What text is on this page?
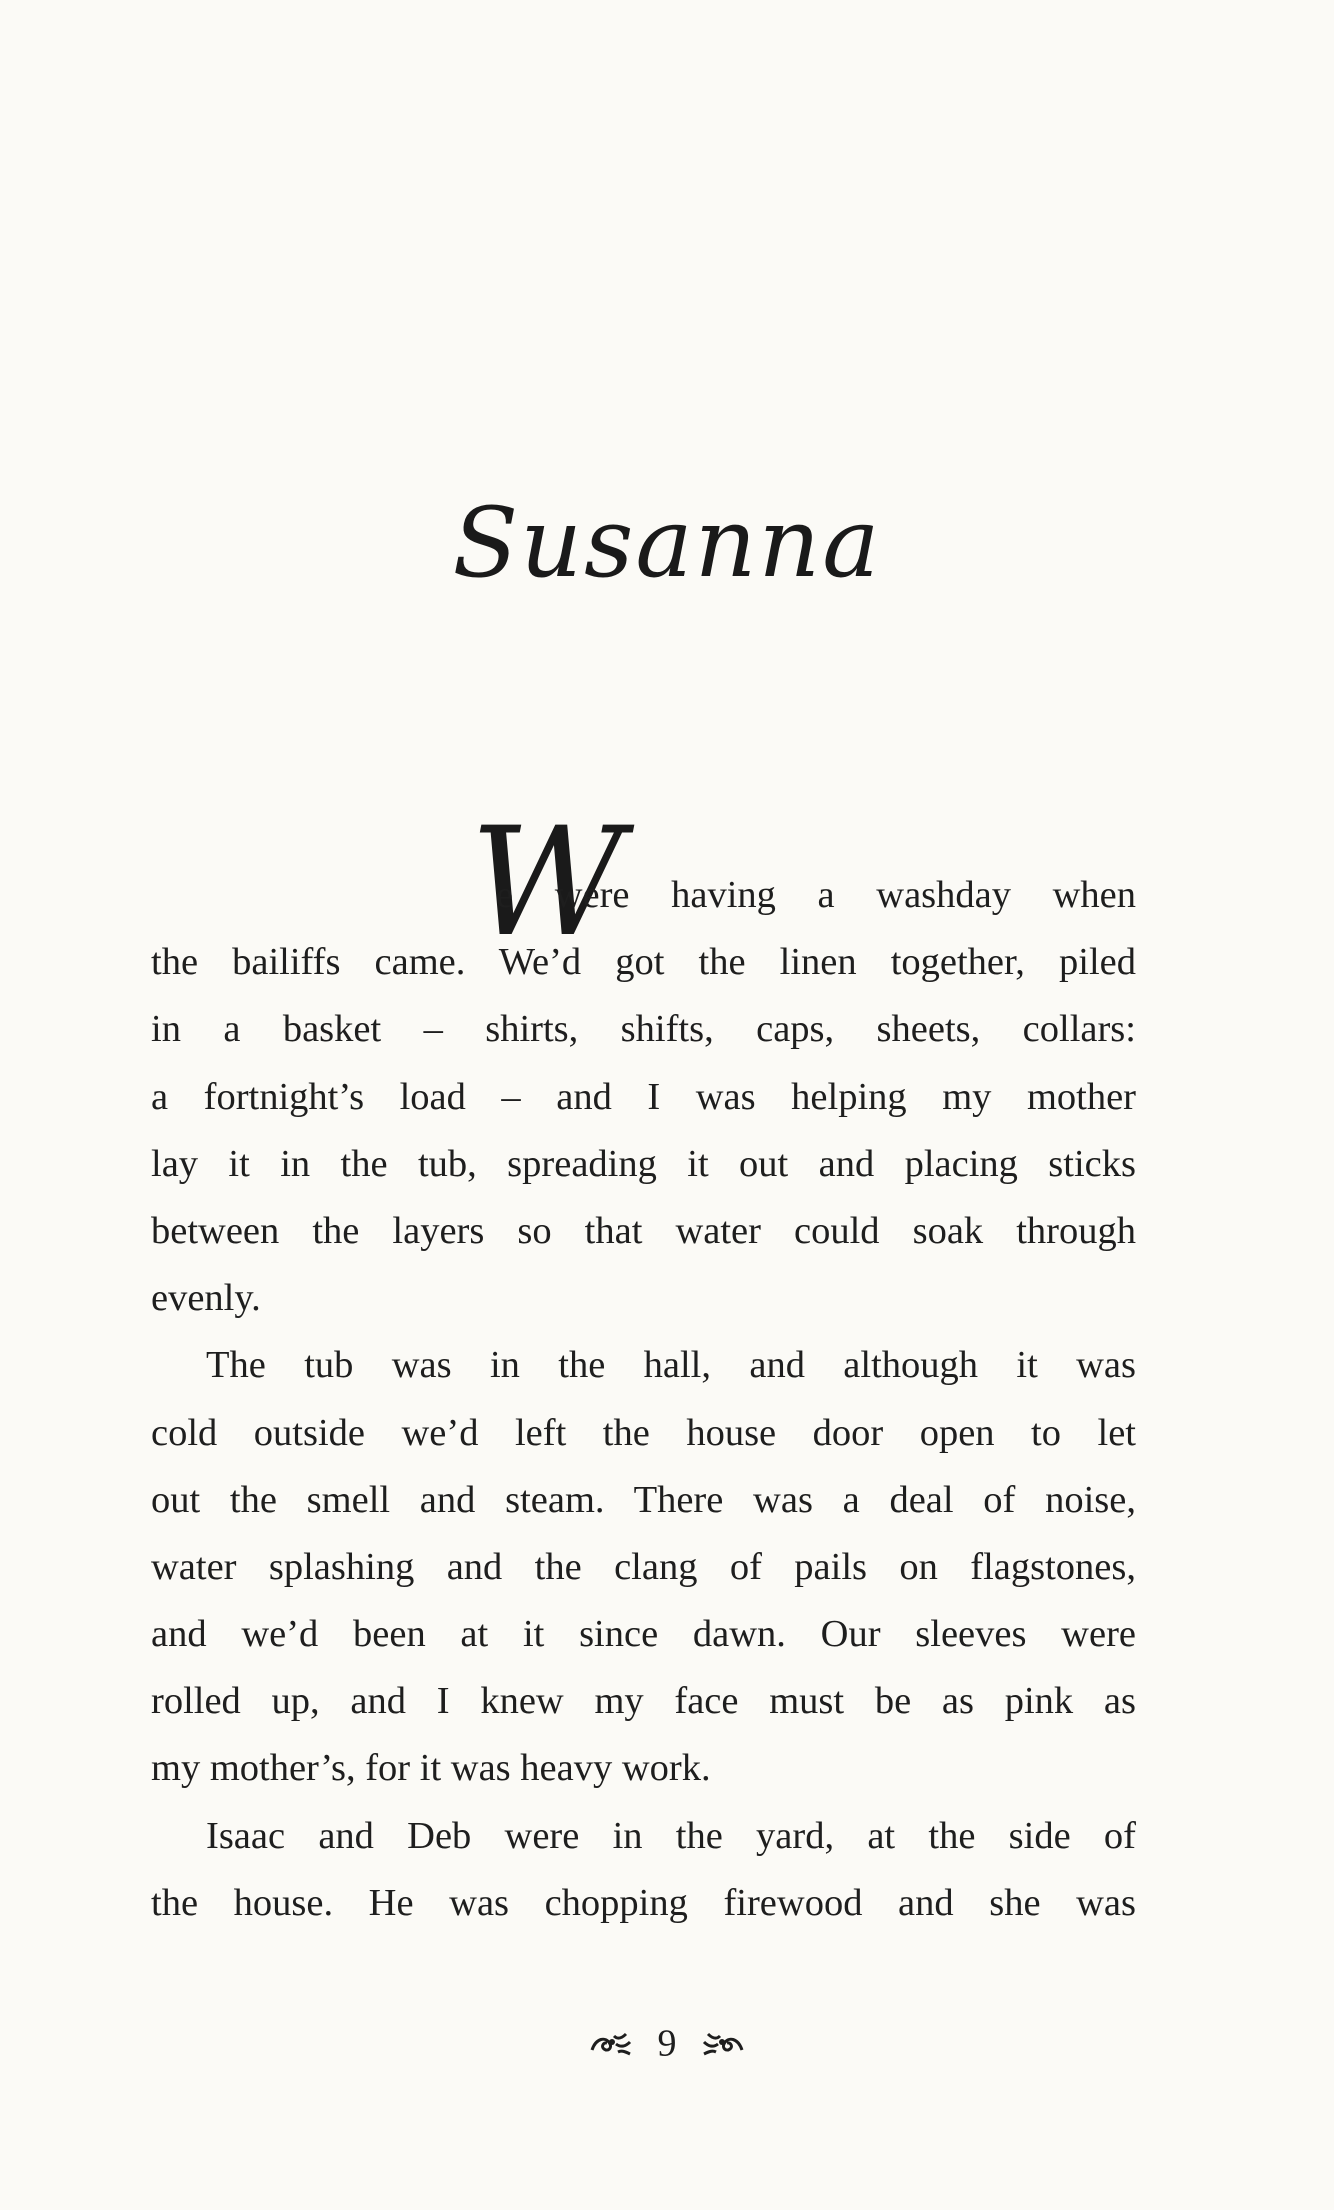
Susanna
W
e were having a washday when
the bailiffs came. We’d got the linen together, piled
in a basket – shirts, shifts, caps, sheets, collars:
a fortnight’s load – and I was helping my mother
lay it in the tub, spreading it out and placing sticks
between the layers so that water could soak through
evenly.
The tub was in the hall, and although it was
cold outside we’d left the house door open to let
out the smell and steam. There was a deal of noise,
water splashing and the clang of pails on flagstones,
and we’d been at it since dawn. Our sleeves were
rolled up, and I knew my face must be as pink as
my mother’s, for it was heavy work.
Isaac and Deb were in the yard, at the side of
the house. He was chopping firewood and she was
9
